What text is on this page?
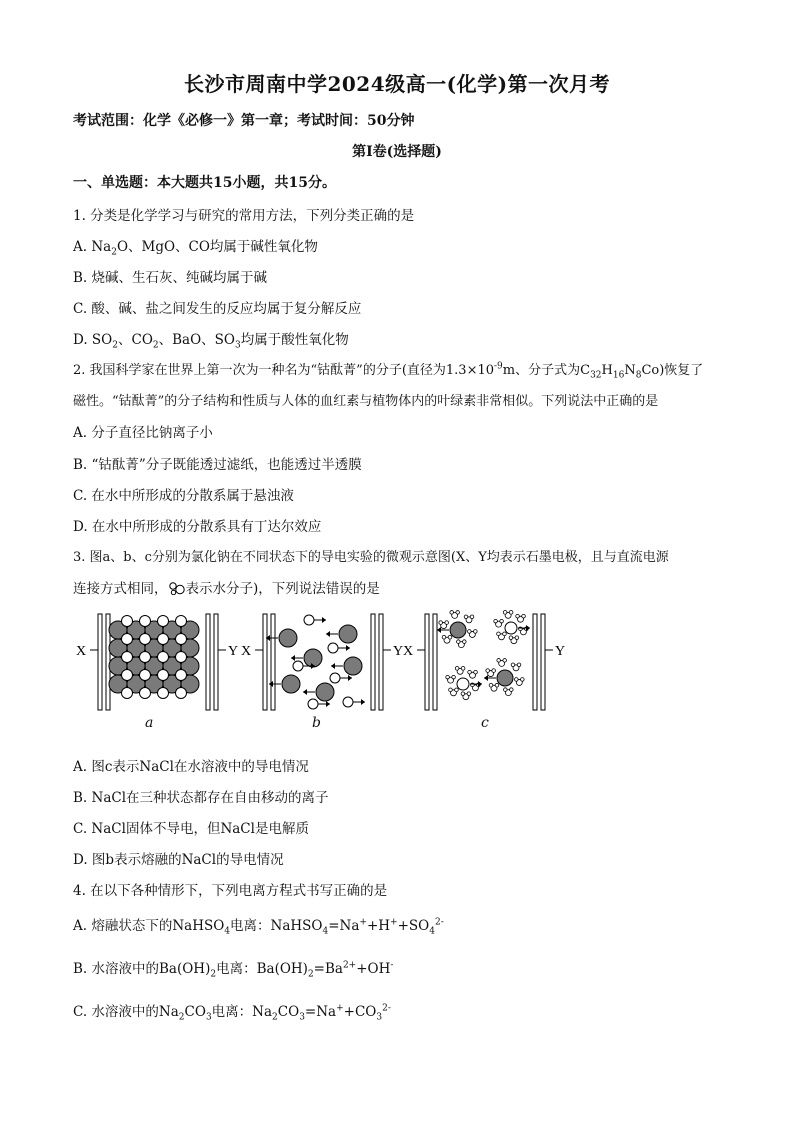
长沙市周南中学2024级高一(化学)第一次月考
考试范围：化学《必修一》第一章；考试时间：50分钟
第I卷(选择题)
一、单选题：本大题共15小题，共15分。
1. 分类是化学学习与研究的常用方法，下列分类正确的是
A. $Na_2O$、MgO、CO均属于碱性氧化物
B. 烧碱、生石灰、纯碱均属于碱
C. 酸、碱、盐之间发生的反应均属于复分解反应
D. $SO_2$、$CO_2$、BaO、$SO_3$均属于酸性氧化物
2. 我国科学家在世界上第一次为一种名为“钴酞菁”的分子(直径为$1.3\times 10^{-9}m$、分子式为$C_{32}H_{16}N_8Co$)恢复了
磁性。“钴酞菁”的分子结构和性质与人体的血红素与植物体内的叶绿素非常相似。下列说法中正确的是
A. 分子直径比钠离子小
B. “钴酞菁”分子既能透过滤纸，也能透过半透膜
C. 在水中所形成的分散系属于悬浊液
D. 在水中所形成的分散系具有丁达尔效应
3. 图a、b、c分别为氯化钠在不同状态下的导电实验的微观示意图(X、Y均表示石墨电极，且与直流电源
连接方式相同， 表示水分子)，下列说法错误的是
X	Y X	Y X	Y
a	b	c
A. 图c表示NaCl在水溶液中的导电情况
B. NaCl在三种状态都存在自由移动的离子
C. NaCl固体不导电，但NaCl是电解质
D. 图b表示熔融的NaCl的导电情况
4. 在以下各种情形下，下列电离方程式书写正确的是
A. 熔融状态下的NaHSO$_4$电离：$NaHSO_4=Na^++H^++SO_4^{2-}$
B. 水溶液中的$Ba(OH)_2$电离：$Ba(OH)_2=Ba^{2+}+OH^-$
C. 水溶液中的$Na_2CO_3$电离：$Na_2CO_3=Na^++CO_3^{2-}$
